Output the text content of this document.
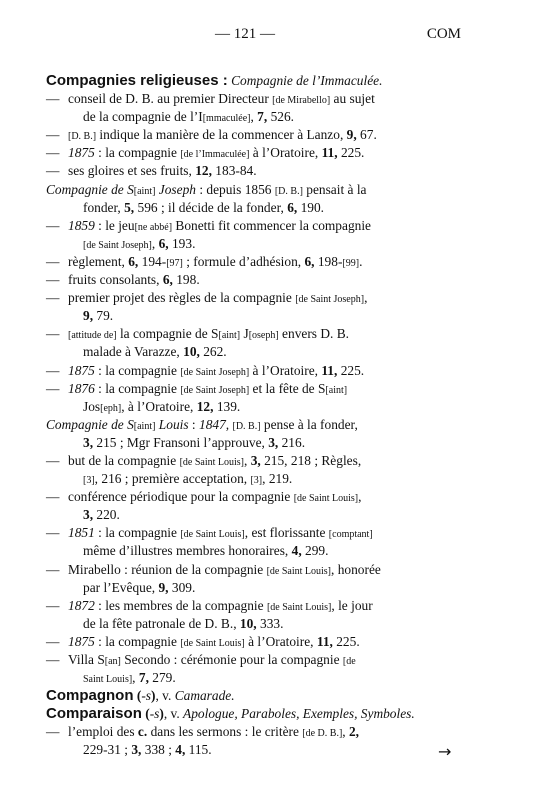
— 121 —	COM
Compagnies religieuses : Compagnie de l’Immaculée.
— conseil de D. B. au premier Directeur [de Mirabello] au sujet
de la compagnie de l’I[mmaculée], 7, 526.
— [D. B.] indique la manière de la commencer à Lanzo, 9, 67.
— 1875 : la compagnie [de l’Immaculée] à l’Oratoire, 11, 225.
— ses gloires et ses fruits, 12, 183-84.
Compagnie de S[aint] Joseph : depuis 1856 [D. B.] pensait à la
fonder, 5, 596 ; il décide de la fonder, 6, 190.
— 1859 : le jeu[ne abbé] Bonetti fit commencer la compagnie
[de Saint Joseph], 6, 193.
— règlement, 6, 194-[97] ; formule d’adhésion, 6, 198-[99].
— fruits consolants, 6, 198.
— premier projet des règles de la compagnie [de Saint Joseph],
9, 79.
— [attitude de] la compagnie de S[aint] J[oseph] envers D. B.
malade à Varazze, 10, 262.
— 1875 : la compagnie [de Saint Joseph] à l’Oratoire, 11, 225.
— 1876 : la compagnie [de Saint Joseph] et la fête de S[aint]
Jos[eph], à l’Oratoire, 12, 139.
Compagnie de S[aint] Louis : 1847, [D. B.] pense à la fonder,
3, 215 ; Mgr Fransoni l’approuve, 3, 216.
— but de la compagnie [de Saint Louis], 3, 215, 218 ; Règles,
[3], 216 ; première acceptation, [3], 219.
— conférence périodique pour la compagnie [de Saint Louis],
3, 220.
— 1851 : la compagnie [de Saint Louis], est florissante [comptant]
même d’illustres membres honoraires, 4, 299.
— Mirabello : réunion de la compagnie [de Saint Louis], honorée
par l’Evêque, 9, 309.
— 1872 : les membres de la compagnie [de Saint Louis], le jour
de la fête patronale de D. B., 10, 333.
— 1875 : la compagnie [de Saint Louis] à l’Oratoire, 11, 225.
— Villa S[an] Secondo : cérémonie pour la compagnie [de
Saint Louis], 7, 279.
Compagnon (-s), v. Camarade.
Comparaison (-s), v. Apologue, Paraboles, Exemples, Symboles.
— l’emploi des c. dans les sermons : le critère [de D. B.], 2,
229-31 ; 3, 338 ; 4, 115.	→
